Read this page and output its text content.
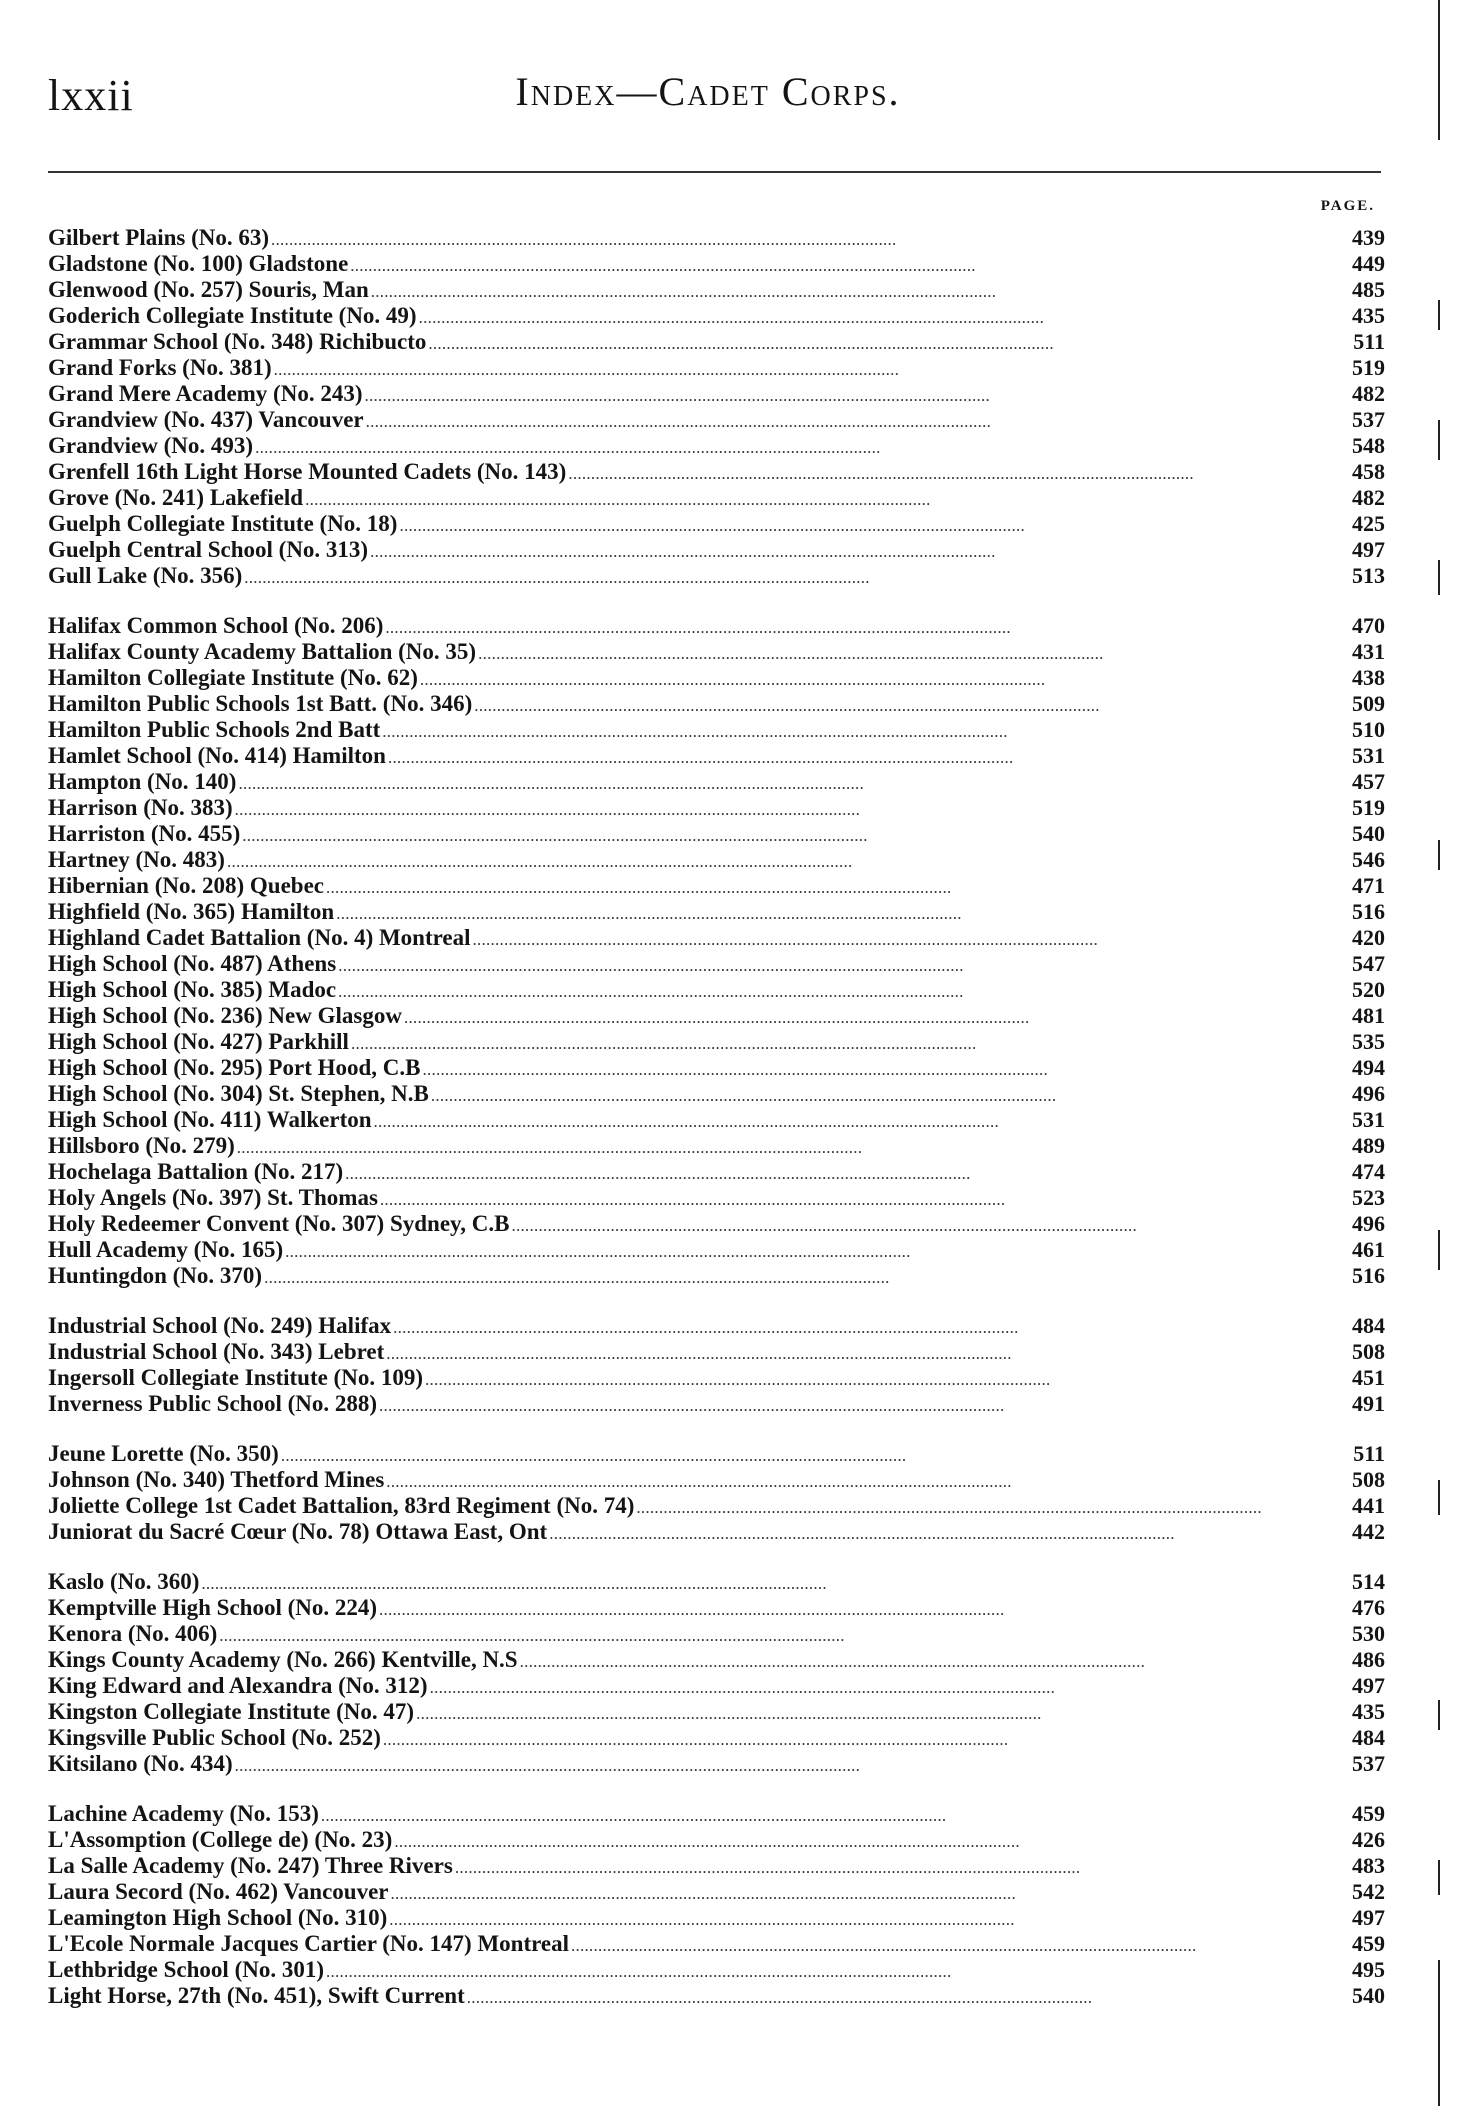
lxxii	Index—Cadet Corps.
PAGE.
Gilbert Plains (No. 63) . . .	439
Gladstone (No. 100) Gladstone . . .	449
Glenwood (No. 257) Souris, Man . . .	485
Goderich Collegiate Institute (No. 49) . . .	435
Grammar School (No. 348) Richibucto . . .	511
Grand Forks (No. 381) . . .	519
Grand Mere Academy (No. 243) . . .	482
Grandview (No. 437) Vancouver . . .	537
Grandview (No. 493) . . .	548
Grenfell 16th Light Horse Mounted Cadets (No. 143) . . .	458
Grove (No. 241) Lakefield . . .	482
Guelph Collegiate Institute (No. 18) . . .	425
Guelph Central School (No. 313) . . .	497
Gull Lake (No. 356) . . .	513
Halifax Common School (No. 206) . . .	470
Halifax County Academy Battalion (No. 35) . . .	431
Hamilton Collegiate Institute (No. 62) . . .	438
Hamilton Public Schools 1st Batt. (No. 346) . . .	509
Hamilton Public Schools 2nd Batt . . .	510
Hamlet School (No. 414) Hamilton . . .	531
Hampton (No. 140) . . .	457
Harrison (No. 383) . . .	519
Harriston (No. 455) . . .	540
Hartney (No. 483) . . .	546
Hibernian (No. 208) Quebec . . .	471
Highfield (No. 365) Hamilton . . .	516
Highland Cadet Battalion (No. 4) Montreal . . .	420
High School (No. 487) Athens . . .	547
High School (No. 385) Madoc . . .	520
High School (No. 236) New Glasgow . . .	481
High School (No. 427) Parkhill . . .	535
High School (No. 295) Port Hood, C.B . . .	494
High School (No. 304) St. Stephen, N.B . . .	496
High School (No. 411) Walkerton . . .	531
Hillsboro (No. 279) . . .	489
Hochelaga Battalion (No. 217) . . .	474
Holy Angels (No. 397) St. Thomas . . .	523
Holy Redeemer Convent (No. 307) Sydney, C.B . . .	496
Hull Academy (No. 165) . . .	461
Huntingdon (No. 370) . . .	516
Industrial School (No. 249) Halifax . . .	484
Industrial School (No. 343) Lebret . . .	508
Ingersoll Collegiate Institute (No. 109) . . .	451
Inverness Public School (No. 288) . . .	491
Jeune Lorette (No. 350) . . .	511
Johnson (No. 340) Thetford Mines . . .	508
Joliette College 1st Cadet Battalion, 83rd Regiment (No. 74) . . .	441
Juniorat du Sacré Cœur (No. 78) Ottawa East, Ont . . .	442
Kaslo (No. 360) . . .	514
Kemptville High School (No. 224) . . .	476
Kenora (No. 406) . . .	530
Kings County Academy (No. 266) Kentville, N.S . . .	486
King Edward and Alexandra (No. 312) . . .	497
Kingston Collegiate Institute (No. 47) . . .	435
Kingsville Public School (No. 252) . . .	484
Kitsilano (No. 434) . . .	537
Lachine Academy (No. 153) . . .	459
L'Assomption (College de) (No. 23) . . .	426
La Salle Academy (No. 247) Three Rivers . . .	483
Laura Secord (No. 462) Vancouver . . .	542
Leamington High School (No. 310) . . .	497
L'Ecole Normale Jacques Cartier (No. 147) Montreal . . .	459
Lethbridge School (No. 301) . . .	495
Light Horse, 27th (No. 451), Swift Current . . .	540
